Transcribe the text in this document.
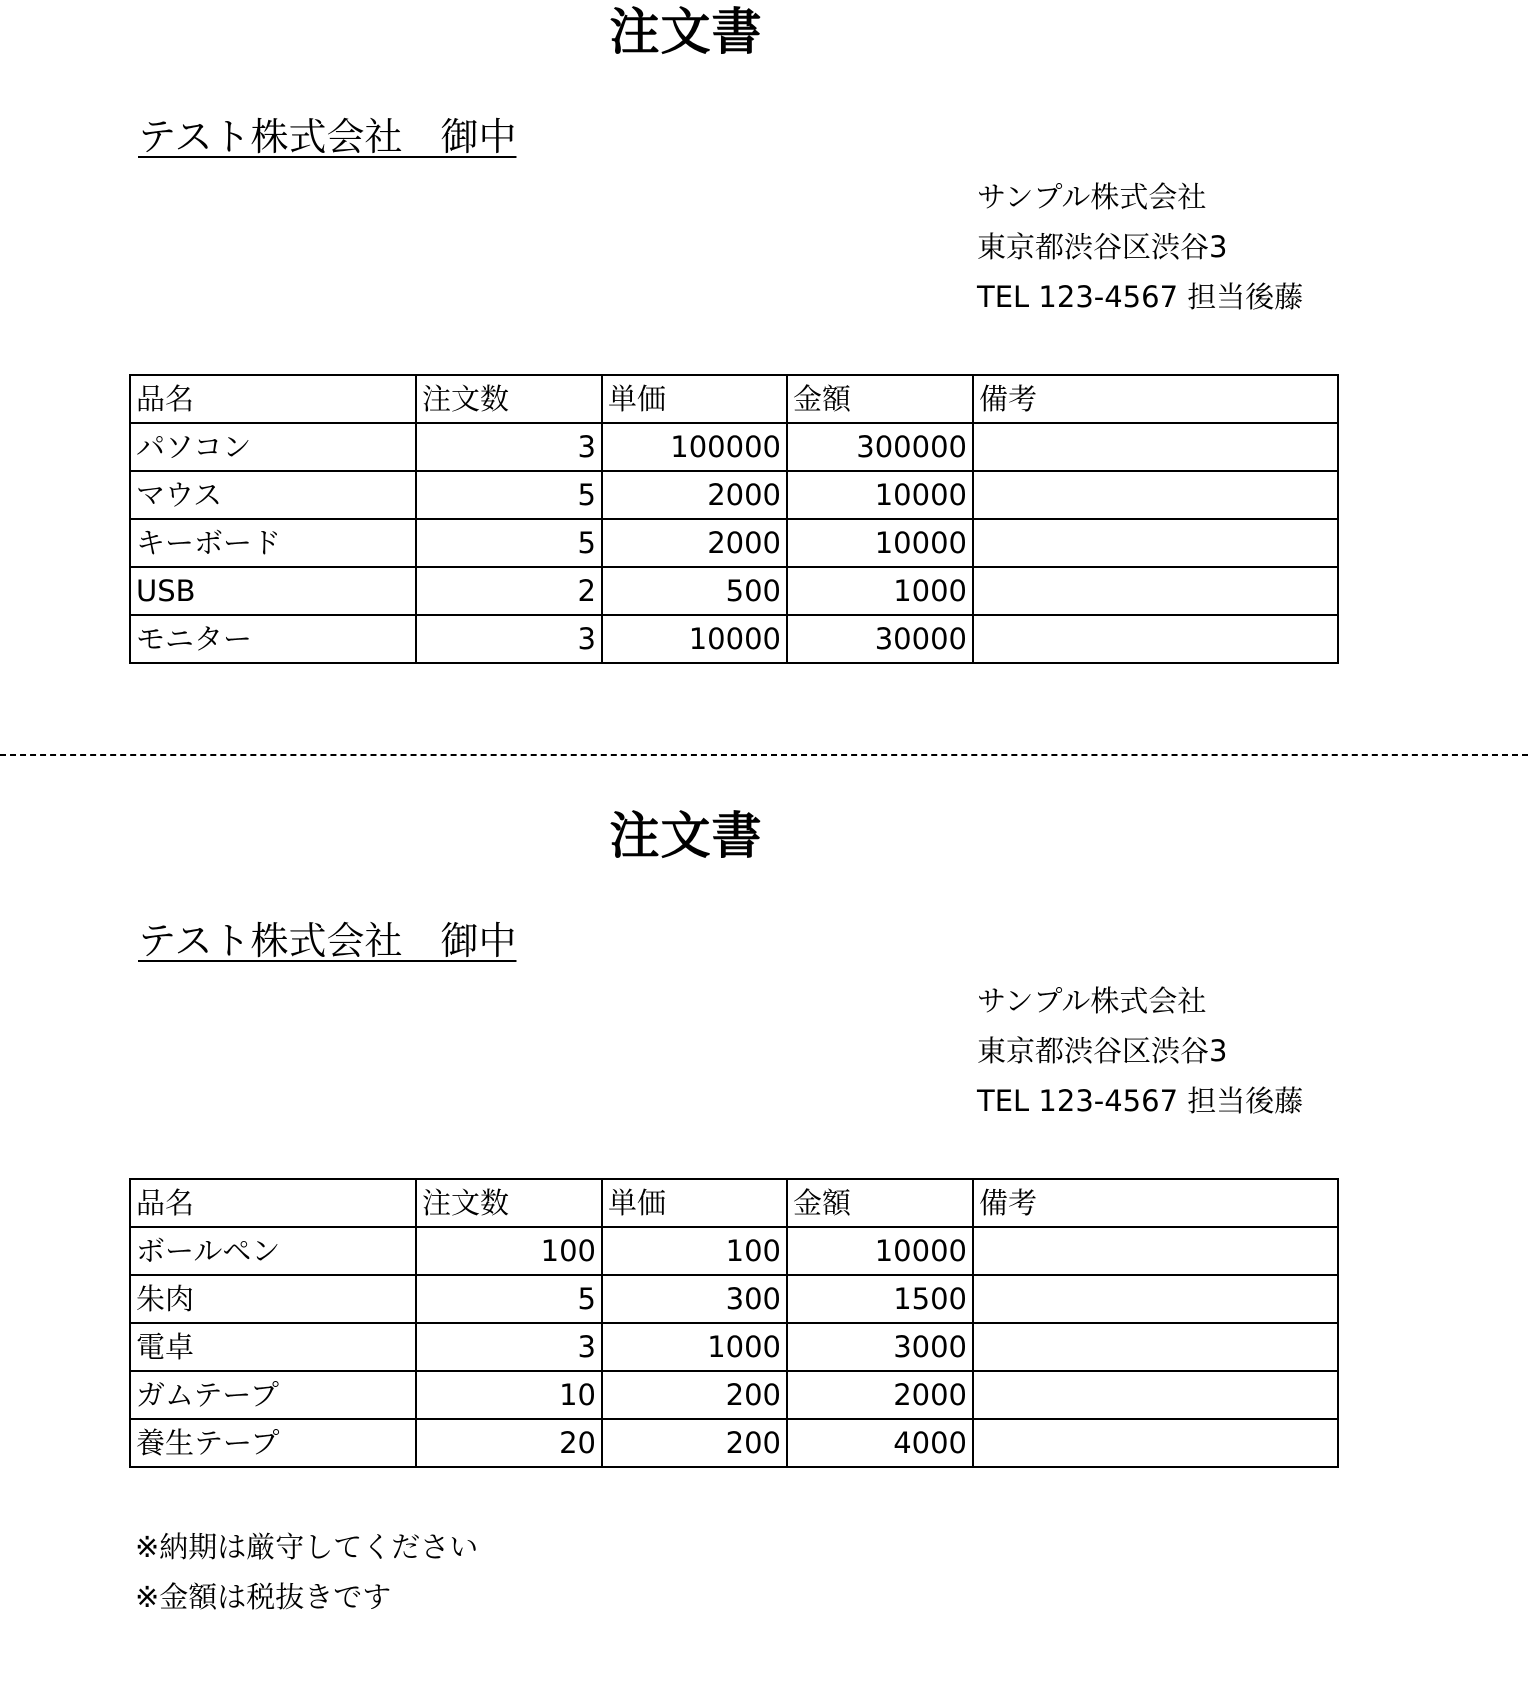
注文書
テスト株式会社　御中
サンプル株式会社
東京都渋谷区渋谷3
TEL 123-4567 担当後藤
品名	注文数	単価	金額	備考
パソコン	3	100000	300000	
マウス	5	2000	10000	
キーボード	5	2000	10000	
USB	2	500	1000	
モニター	3	10000	30000	
注文書
テスト株式会社　御中
サンプル株式会社
東京都渋谷区渋谷3
TEL 123-4567 担当後藤
品名	注文数	単価	金額	備考
ボールペン	100	100	10000	
朱肉	5	300	1500	
電卓	3	1000	3000	
ガムテープ	10	200	2000	
養生テープ	20	200	4000	
※納期は厳守してください
※金額は税抜きです
